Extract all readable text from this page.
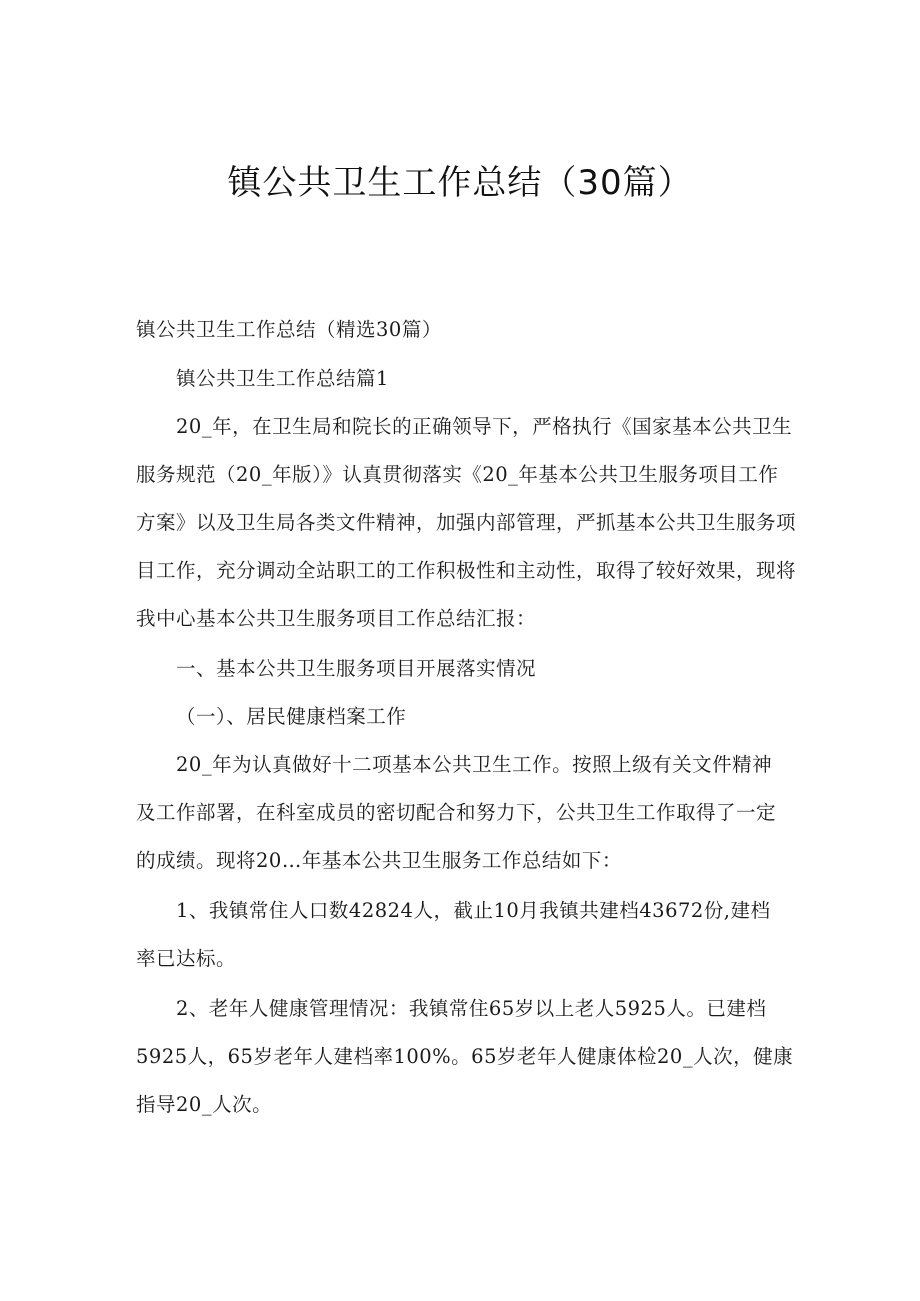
镇公共卫生工作总结（30篇）

镇公共卫生工作总结（精选30篇）

镇公共卫生工作总结篇1

20_年，在卫生局和院长的正确领导下，严格执行《国家基本公共卫生

服务规范（20_年版）》认真贯彻落实《20_年基本公共卫生服务项目工作

方案》以及卫生局各类文件精神，加强内部管理，严抓基本公共卫生服务项

目工作，充分调动全站职工的工作积极性和主动性，取得了较好效果，现将

我中心基本公共卫生服务项目工作总结汇报：

一、基本公共卫生服务项目开展落实情况

（一）、居民健康档案工作

20_年为认真做好十二项基本公共卫生工作。按照上级有关文件精神

及工作部署，在科室成员的密切配合和努力下，公共卫生工作取得了一定

的成绩。现将20…年基本公共卫生服务工作总结如下：

1、我镇常住人口数42824人，截止10月我镇共建档43672份,建档

率已达标。

2、老年人健康管理情况：我镇常住65岁以上老人5925人。已建档

5925人，65岁老年人建档率100%。65岁老年人健康体检20_人次，健康

指导20_人次。
